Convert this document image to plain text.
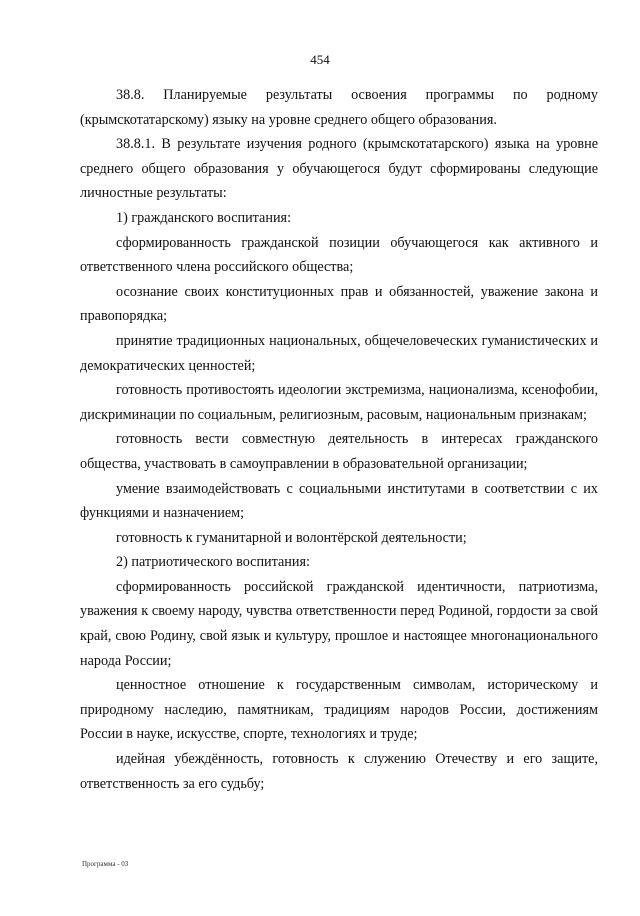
454

38.8. Планируемые результаты освоения программы по родному (крымскотатарскому) языку на уровне среднего общего образования.

38.8.1. В результате изучения родного (крымскотатарского) языка на уровне среднего общего образования у обучающегося будут сформированы следующие личностные результаты:

1) гражданского воспитания:

сформированность гражданской позиции обучающегося как активного и ответственного члена российского общества;

осознание своих конституционных прав и обязанностей, уважение закона и правопорядка;

принятие традиционных национальных, общечеловеческих гуманистических и демократических ценностей;

готовность противостоять идеологии экстремизма, национализма, ксенофобии, дискриминации по социальным, религиозным, расовым, национальным признакам;

готовность вести совместную деятельность в интересах гражданского общества, участвовать в самоуправлении в образовательной организации;

умение взаимодействовать с социальными институтами в соответствии с их функциями и назначением;

готовность к гуманитарной и волонтёрской деятельности;

2) патриотического воспитания:

сформированность российской гражданской идентичности, патриотизма, уважения к своему народу, чувства ответственности перед Родиной, гордости за свой край, свою Родину, свой язык и культуру, прошлое и настоящее многонационального народа России;

ценностное отношение к государственным символам, историческому и природному наследию, памятникам, традициям народов России, достижениям России в науке, искусстве, спорте, технологиях и труде;

идейная убеждённость, готовность к служению Отечеству и его защите, ответственность за его судьбу;

Программа - 03
